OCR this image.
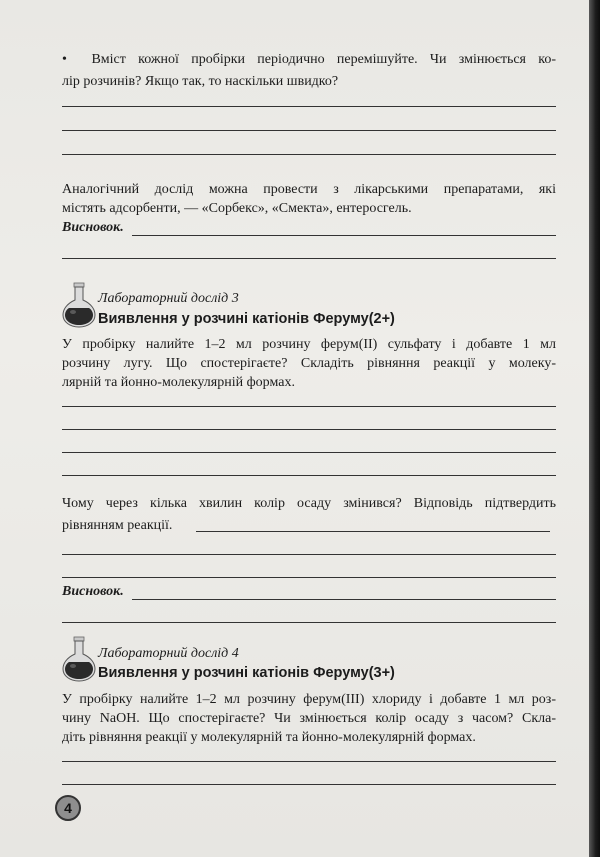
• Вміст кожної пробірки періодично перемішуйте. Чи змінюється ко-

лір розчинів? Якщо так, то наскільки швидко?

Аналогічний дослід можна провести з лікарськими препаратами, які

містять адсорбенти, — «Сорбекс», «Смекта», ентеросгель.

Висновок.
Лабораторний дослід 3
Виявлення у розчині катіонів Феруму(2+)

У пробірку налийте 1–2 мл розчину ферум(ІІ) сульфату і добавте 1 мл

розчину лугу. Що спостерігаєте? Складіть рівняння реакції у молеку-

лярній та йонно-молекулярній формах.

Чому через кілька хвилин колір осаду змінився? Відповідь підтвердить

рівнянням реакції.

Висновок.
Лабораторний дослід 4
Виявлення у розчині катіонів Феруму(3+)

У пробірку налийте 1–2 мл розчину ферум(ІІІ) хлориду і добавте 1 мл роз-

чину NaOH. Що спостерігаєте? Чи змінюється колір осаду з часом? Склa-

діть рівняння реакції у молекулярній та йонно-молекулярній формах.

4
